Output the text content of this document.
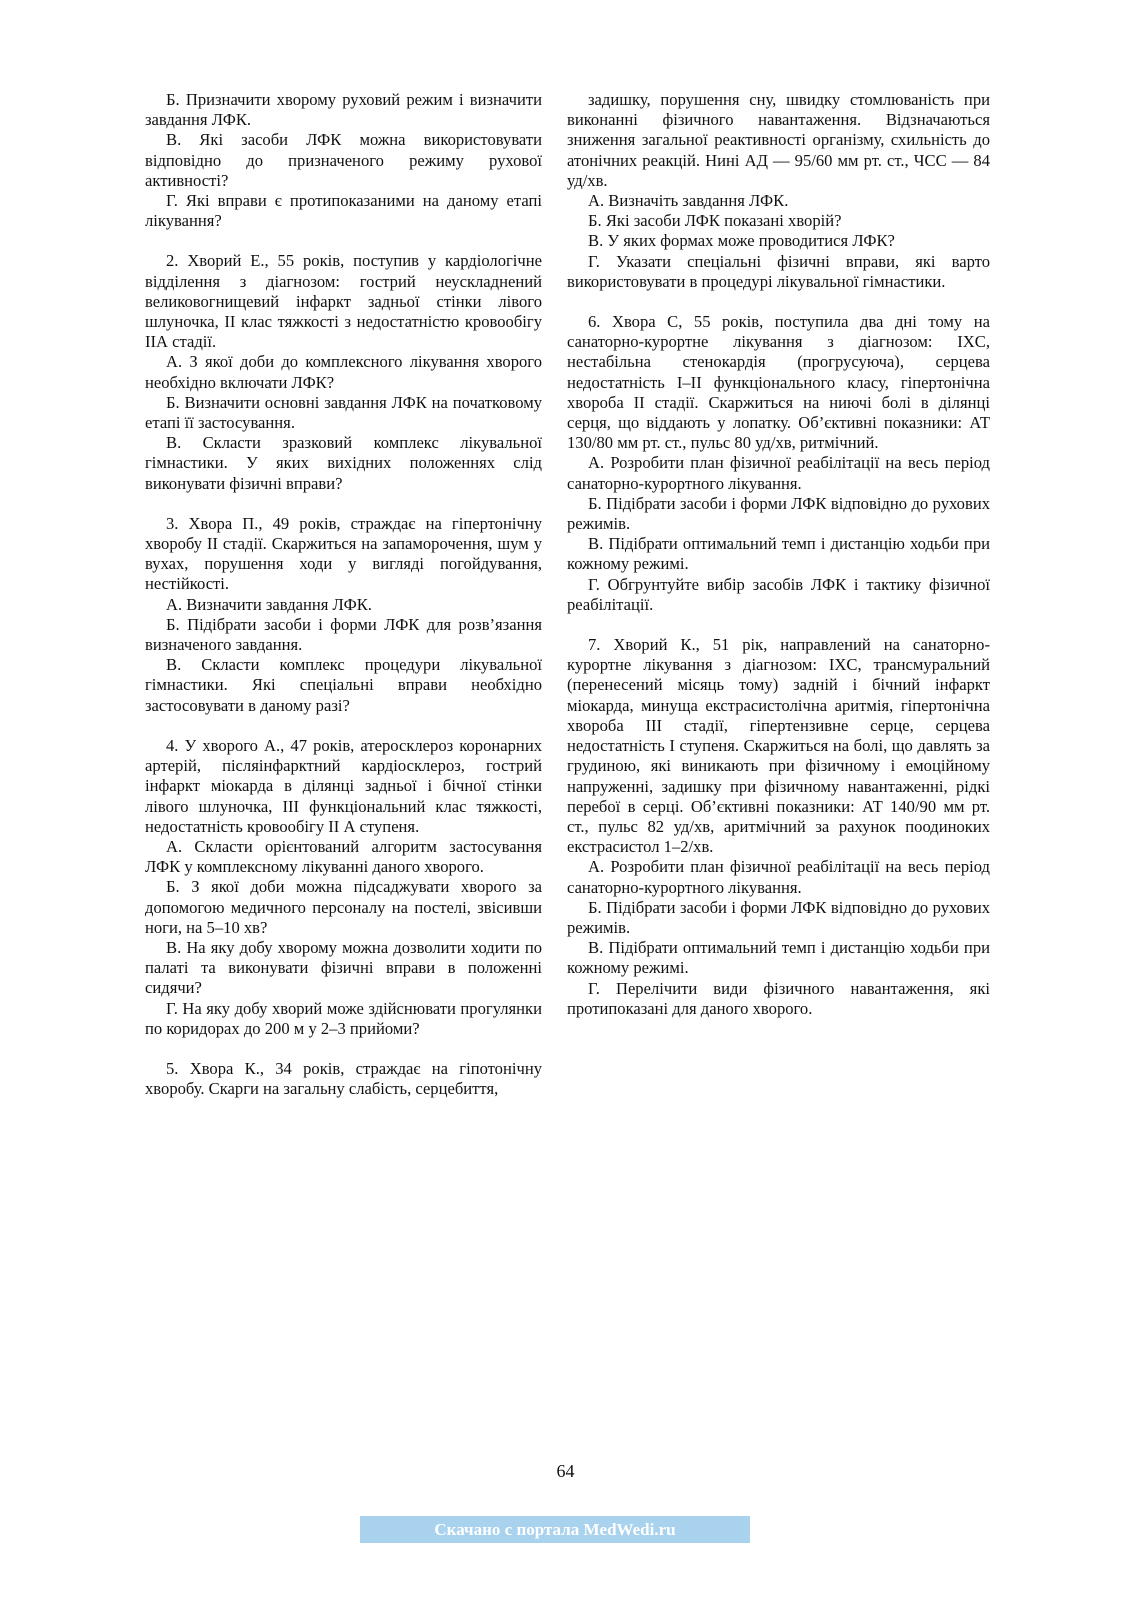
Б. Призначити хворому руховий режим і визначити завдання ЛФК.

В. Які засоби ЛФК можна використовувати відповідно до призначеного режиму рухової активності?

Г. Які вправи є протипоказаними на даному етапі лікування?

2. Хворий Е., 55 років, поступив у кардіологічне відділення з діагнозом: гострий неускладнений великовогнищевий інфаркт задньої стінки лівого шлуночка, II клас тяжкості з недостатністю кровообігу IIА стадії.

А. З якої доби до комплексного лікування хворого необхідно включати ЛФК?

Б. Визначити основні завдання ЛФК на початковому етапі її застосування.

В. Скласти зразковий комплекс лікувальної гімнастики. У яких вихідних положеннях слід виконувати фізичні вправи?

3. Хвора П., 49 років, страждає на гіпертонічну хворобу II стадії. Скаржиться на запаморочення, шум у вухах, порушення ходи у вигляді погойдування, нестійкості.

А. Визначити завдання ЛФК.

Б. Підібрати засоби і форми ЛФК для розв’язання визначеного завдання.

В. Скласти комплекс процедури лікувальної гімнастики. Які спеціальні вправи необхідно застосовувати в даному разі?

4. У хворого А., 47 років, атеросклероз коронарних артерій, післяінфарктний кардіосклероз, гострий інфаркт міокарда в ділянці задньої і бічної стінки лівого шлуночка, III функціональний клас тяжкості, недостатність кровообігу II А ступеня.

А. Скласти орієнтований алгоритм застосування ЛФК у комплексному лікуванні даного хворого.

Б. З якої доби можна підсаджувати хворого за допомогою медичного персоналу на постелі, звісивши ноги, на 5–10 хв?

В. На яку добу хворому можна дозволити ходити по палаті та виконувати фізичні вправи в положенні сидячи?

Г. На яку добу хворий може здійснювати прогулянки по коридорах до 200 м у 2–3 прийоми?

5. Хвора К., 34 років, страждає на гіпотонічну хворобу. Скарги на загальну слабість, серцебиття,

задишку, порушення сну, швидку стомлюваність при виконанні фізичного навантаження. Відзначаються зниження загальної реактивності організму, схильність до атонічних реакцій. Нині АД — 95/60 мм рт. ст., ЧСС — 84 уд/хв.

А. Визначіть завдання ЛФК.

Б. Які засоби ЛФК показані хворій?

В. У яких формах може проводитися ЛФК?

Г. Указати спеціальні фізичні вправи, які варто використовувати в процедурі лікувальної гімнастики.

6. Хвора С, 55 років, поступила два дні тому на санаторно-курортне лікування з діагнозом: IXC, нестабільна стенокардія (прогрусуюча), серцева недостатність I–II функціонального класу, гіпертонічна хвороба II стадії. Скаржиться на ниючі болі в ділянці серця, що віддають у лопатку. Об’єктивні показники: АТ 130/80 мм рт. ст., пульс 80 уд/хв, ритмічний.

А. Розробити план фізичної реабілітації на весь період санаторно-курортного лікування.

Б. Підібрати засоби і форми ЛФК відповідно до рухових режимів.

В. Підібрати оптимальний темп і дистанцію ходьби при кожному режимі.

Г. Обгрунтуйте вибір засобів ЛФК і тактику фізичної реабілітації.

7. Хворий К., 51 рік, направлений на санаторно-курортне лікування з діагнозом: IXC, трансмуральний (перенесений місяць тому) задній і бічний інфаркт міокарда, минуща екстрасистолічна аритмія, гіпертонічна хвороба III стадії, гіпертензивне серце, серцева недостатність I ступеня. Скаржиться на болі, що давлять за грудиною, які виникають при фізичному і емоційному напруженні, задишку при фізичному навантаженні, рідкі перебої в серці. Об’єктивні показники: АТ 140/90 мм рт. ст., пульс 82 уд/хв, аритмічний за рахунок поодиноких екстрасистол 1–2/хв.

А. Розробити план фізичної реабілітації на весь період санаторно-курортного лікування.

Б. Підібрати засоби і форми ЛФК відповідно до рухових режимів.

В. Підібрати оптимальний темп і дистанцію ходьби при кожному режимі.

Г. Перелічити види фізичного навантаження, які протипоказані для даного хворого.

64
Скачано с портала MedWedi.ru
